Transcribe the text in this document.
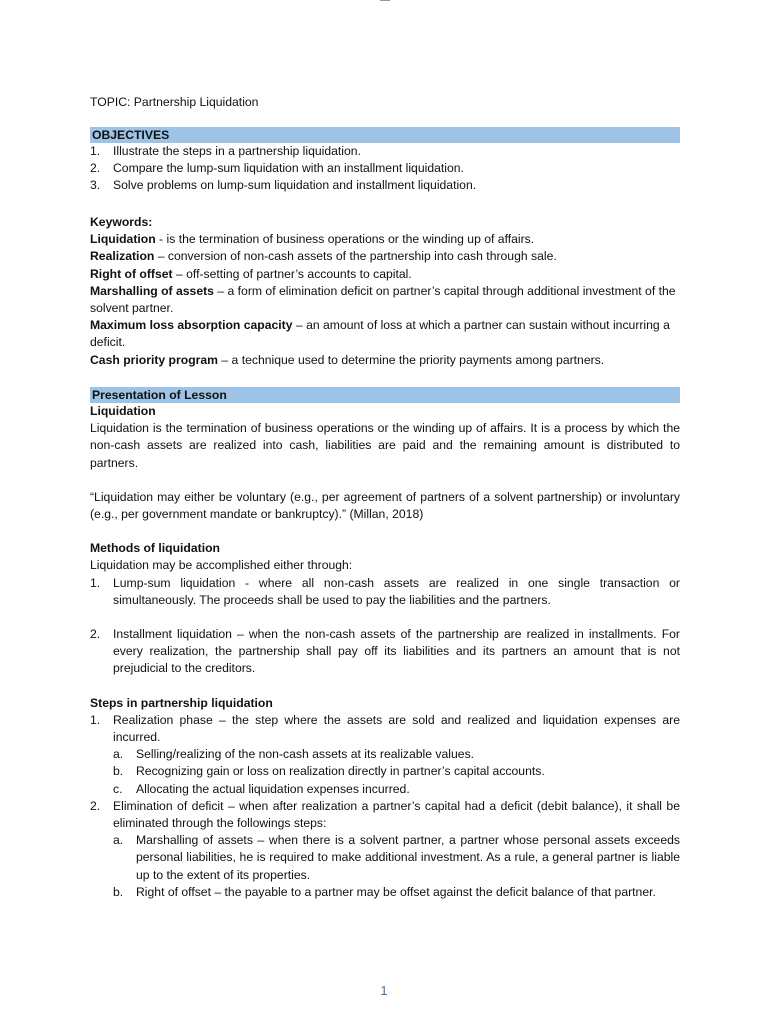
TOPIC: Partnership Liquidation
OBJECTIVES
1. Illustrate the steps in a partnership liquidation.
2. Compare the lump-sum liquidation with an installment liquidation.
3. Solve problems on lump-sum liquidation and installment liquidation.
Keywords:
Liquidation - is the termination of business operations or the winding up of affairs.
Realization – conversion of non-cash assets of the partnership into cash through sale.
Right of offset – off-setting of partner’s accounts to capital.
Marshalling of assets – a form of elimination deficit on partner’s capital through additional investment of the solvent partner.
Maximum loss absorption capacity – an amount of loss at which a partner can sustain without incurring a deficit.
Cash priority program – a technique used to determine the priority payments among partners.
Presentation of Lesson
Liquidation
Liquidation is the termination of business operations or the winding up of affairs. It is a process by which the non-cash assets are realized into cash, liabilities are paid and the remaining amount is distributed to partners.
“Liquidation may either be voluntary (e.g., per agreement of partners of a solvent partnership) or involuntary (e.g., per government mandate or bankruptcy).” (Millan, 2018)
Methods of liquidation
Liquidation may be accomplished either through:
1. Lump-sum liquidation - where all non-cash assets are realized in one single transaction or simultaneously. The proceeds shall be used to pay the liabilities and the partners.
2. Installment liquidation – when the non-cash assets of the partnership are realized in installments. For every realization, the partnership shall pay off its liabilities and its partners an amount that is not prejudicial to the creditors.
Steps in partnership liquidation
1. Realization phase – the step where the assets are sold and realized and liquidation expenses are incurred.
a. Selling/realizing of the non-cash assets at its realizable values.
b. Recognizing gain or loss on realization directly in partner’s capital accounts.
c. Allocating the actual liquidation expenses incurred.
2. Elimination of deficit – when after realization a partner’s capital had a deficit (debit balance), it shall be eliminated through the followings steps:
a. Marshalling of assets – when there is a solvent partner, a partner whose personal assets exceeds personal liabilities, he is required to make additional investment. As a rule, a general partner is liable up to the extent of its properties.
b. Right of offset – the payable to a partner may be offset against the deficit balance of that partner.
1
